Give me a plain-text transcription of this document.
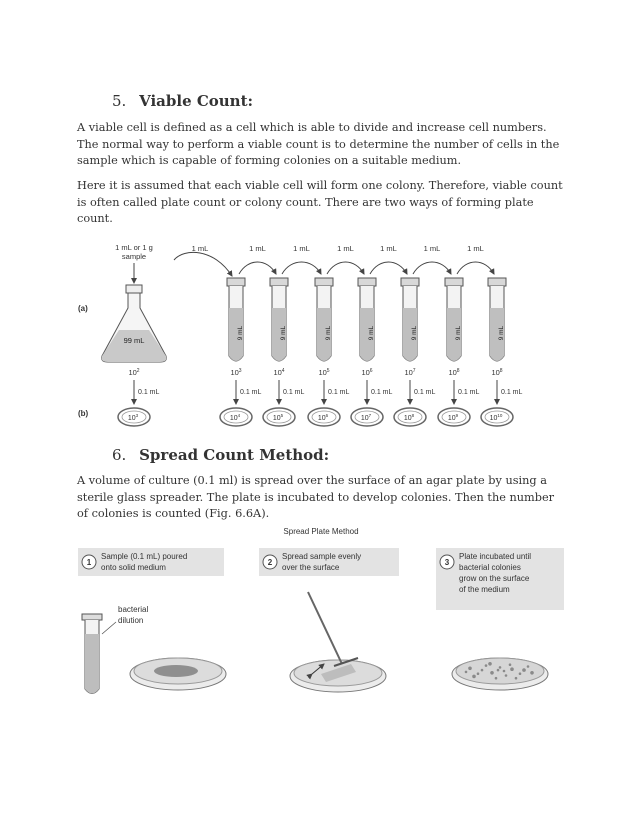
5. Viable Count:

A viable cell is defined as a cell which is able to divide and increase cell numbers. The normal way to perform a viable count is to determine the number of cells in the sample which is capable of forming colonies on a suitable medium.

Here it is assumed that each viable cell will form one colony. Therefore, viable count is often called plate count or colony count. There are two ways of forming plate count.

1 mL or 1 g
sample
1 mL	1 mL	1 mL	1 mL	1 mL	1 mL	1 mL
99 mL
9 mL	9 mL	9 mL	9 mL	9 mL	9 mL	9 mL
(a)
(b)
$10^2$
0.1 mL
$10^3$
$10^3$
0.1 mL
$10^4$
$10^4$
0.1 mL
$10^5$
$10^5$
0.1 mL
$10^6$
$10^6$
0.1 mL
$10^7$
$10^7$
0.1 mL
$10^8$
$10^8$
0.1 mL
$10^9$
$10^8$
0.1 mL
$10^{10}$
6. Spread Count Method:

A volume of culture (0.1 ml) is spread over the surface of an agar plate by using a sterile glass spreader. The plate is incubated to develop colonies. Then the number of colonies is counted (Fig. 6.6A).

Spread Plate Method
1
Sample (0.1 mL) poured
onto solid medium
2
Spread sample evenly
over the surface
3
Plate incubated until
bacterial colonies
grow on the surface
of the medium
bacterial
dilution
